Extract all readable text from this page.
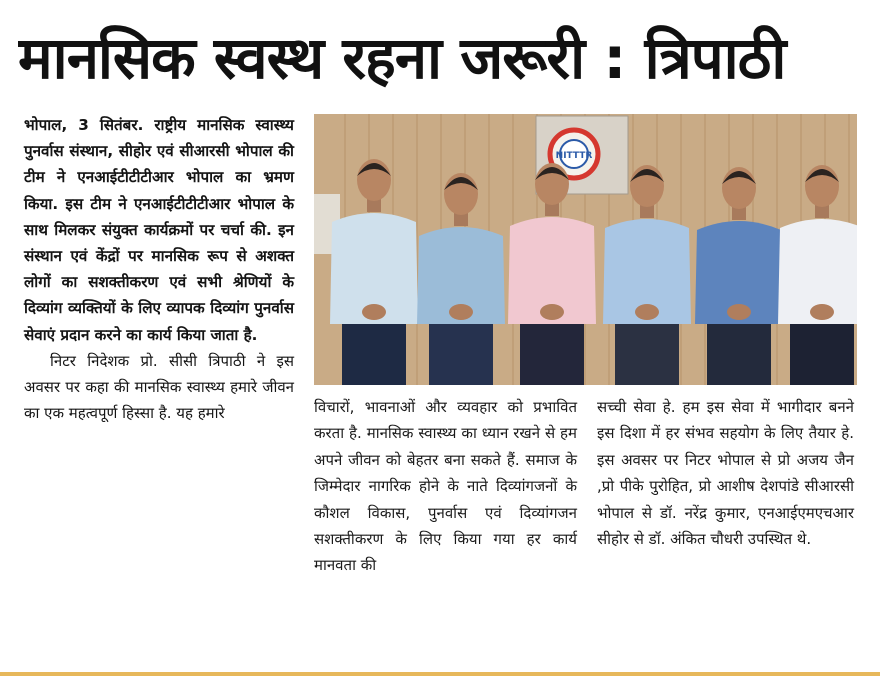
मानसिक स्वस्थ रहना जरूरी : त्रिपाठी

भोपाल, 3 सितंबर. राष्ट्रीय मानसिक स्वास्थ्य पुनर्वास संस्थान, सीहोर एवं सीआरसी भोपाल की टीम ने एनआईटीटीटीआर भोपाल का भ्रमण किया. इस टीम ने एनआईटीटीटीआर भोपाल के साथ मिलकर संयुक्त कार्यक्रमों पर चर्चा की. इन संस्थान एवं केंद्रों पर मानसिक रूप से अशक्त लोगों का सशक्तीकरण एवं सभी श्रेणियों के दिव्यांग व्यक्तियों के लिए व्यापक दिव्यांग पुनर्वास सेवाएं प्रदान करने का कार्य किया जाता है.

निटर निदेशक प्रो. सीसी त्रिपाठी ने इस अवसर पर कहा की मानसिक स्वास्थ्य हमारे जीवन का एक महत्वपूर्ण हिस्सा है. यह हमारे

NITTTR

विचारों, भावनाओं और व्यवहार को प्रभावित करता है. मानसिक स्वास्थ्य का ध्यान रखने से हम अपने जीवन को बेहतर बना सकते हैं. समाज के जिम्मेदार नागरिक होने के नाते दिव्यांगजनों के कौशल विकास, पुनर्वास एवं दिव्यांगजन सशक्तीकरण के लिए किया गया हर कार्य मानवता की

सच्ची सेवा हे. हम इस सेवा में भागीदार बनने इस दिशा में हर संभव सहयोग के लिए तैयार हे. इस अवसर पर निटर भोपाल से प्रो अजय जैन ,प्रो पीके पुरोहित, प्रो आशीष देशपांडे सीआरसी भोपाल से डॉ. नरेंद्र कुमार, एनआईएमएचआर सीहोर से डॉ. अंकित चौधरी उपस्थित थे.
